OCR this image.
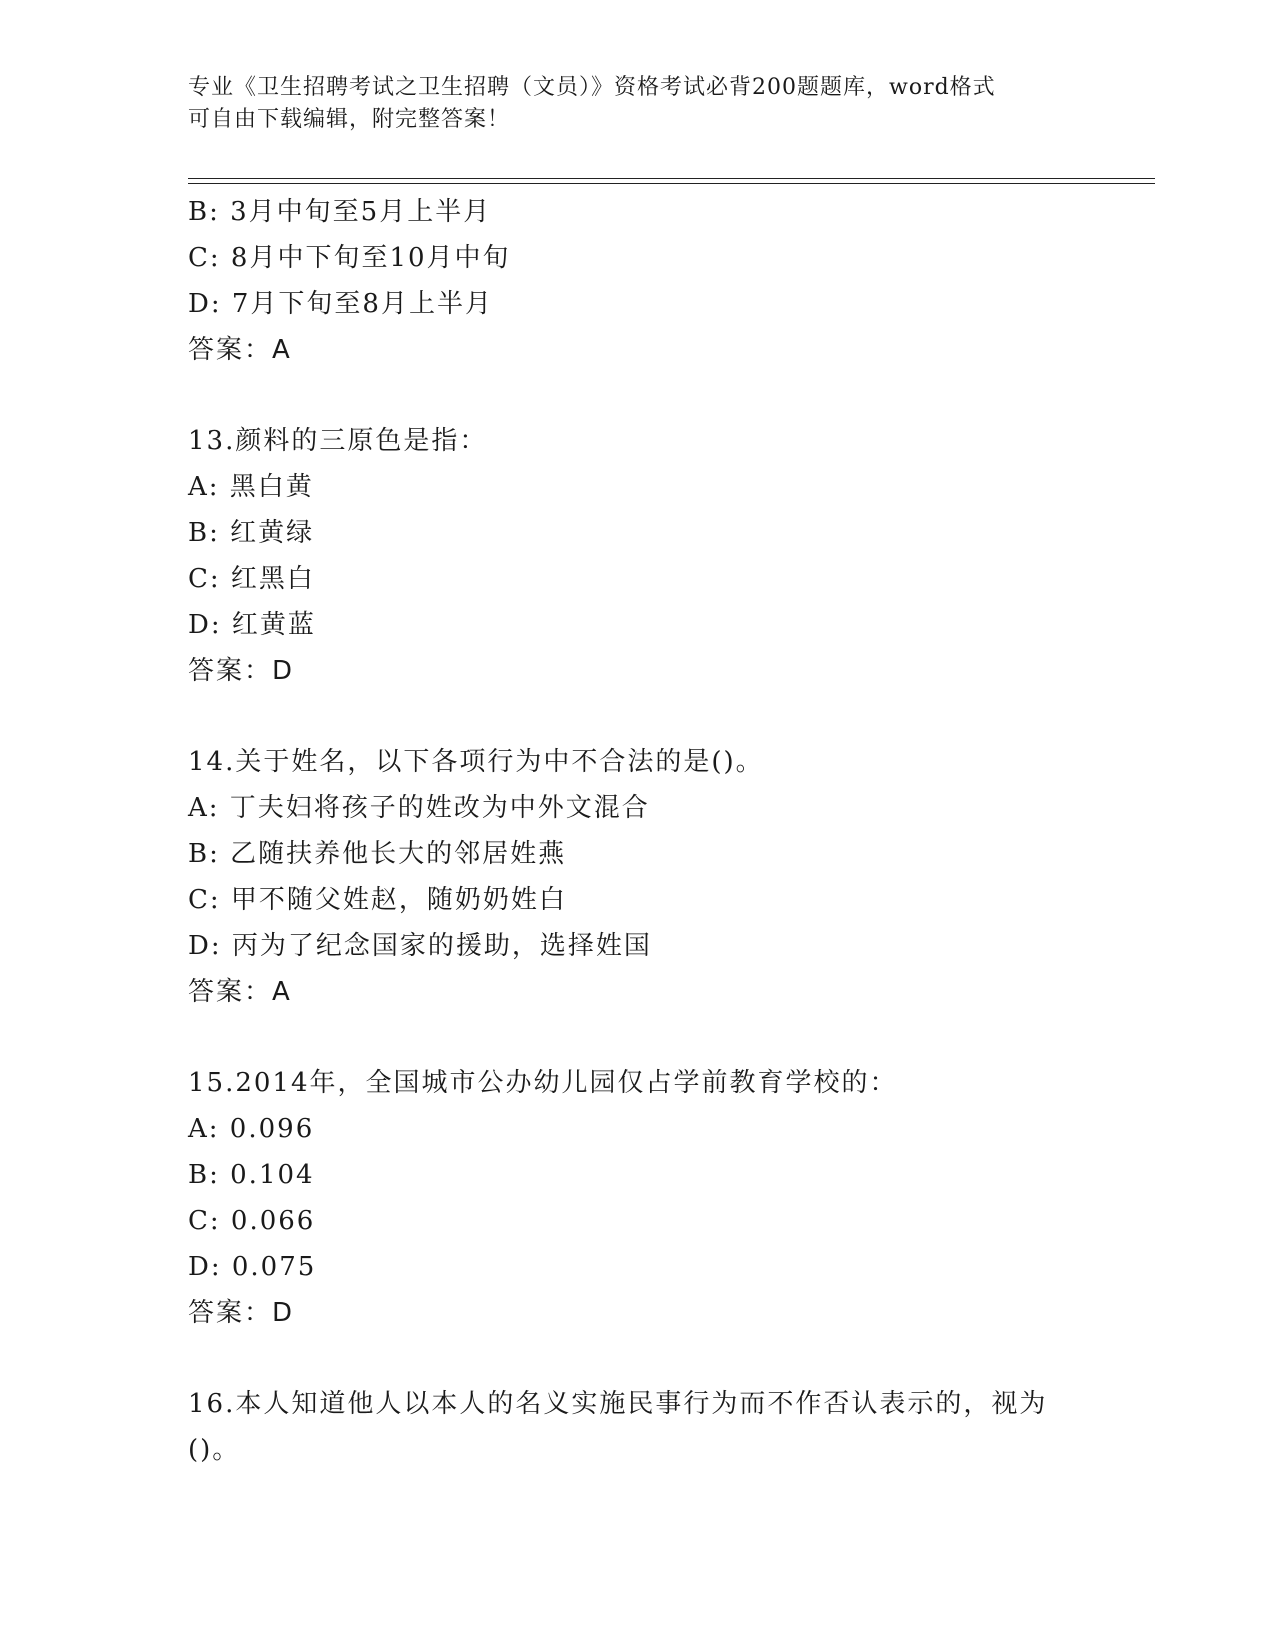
专业《卫生招聘考试之卫生招聘（文员）》资格考试必背200题题库，word格式
可自由下载编辑，附完整答案！
B: 3月中旬至5月上半月
C: 8月中下旬至10月中旬
D: 7月下旬至8月上半月
答案：A
13.颜料的三原色是指：
A: 黑白黄
B: 红黄绿
C: 红黑白
D: 红黄蓝
答案：D
14.关于姓名，以下各项行为中不合法的是()。
A: 丁夫妇将孩子的姓改为中外文混合
B: 乙随扶养他长大的邻居姓燕
C: 甲不随父姓赵，随奶奶姓白
D: 丙为了纪念国家的援助，选择姓国
答案：A
15.2014年，全国城市公办幼儿园仅占学前教育学校的：
A: 0.096
B: 0.104
C: 0.066
D: 0.075
答案：D
16.本人知道他人以本人的名义实施民事行为而不作否认表示的，视为
()。
